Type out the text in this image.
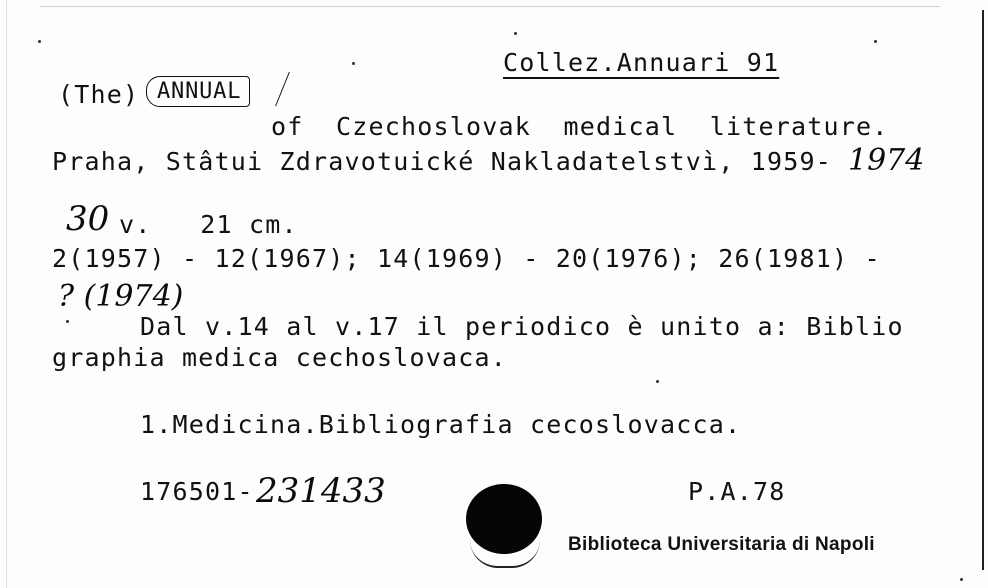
Collez.Annuari 91
(The) ANNUAL
of  Czechoslovak  medical  literature.
Praha, Stâtui Zdravotuické Nakladatelstvì, 1959- 1974
30 v.   21 cm.
2(1957) - 12(1967); 14(1969) - 20(1976); 26(1981) -
? (1974)
Dal v.14 al v.17 il periodico è unito a: Biblio
graphia medica cechoslovaca.
1.Medicina.Bibliografia cecoslovacca.
176501- 231433	P.A.78
Biblioteca Universitaria di Napoli
